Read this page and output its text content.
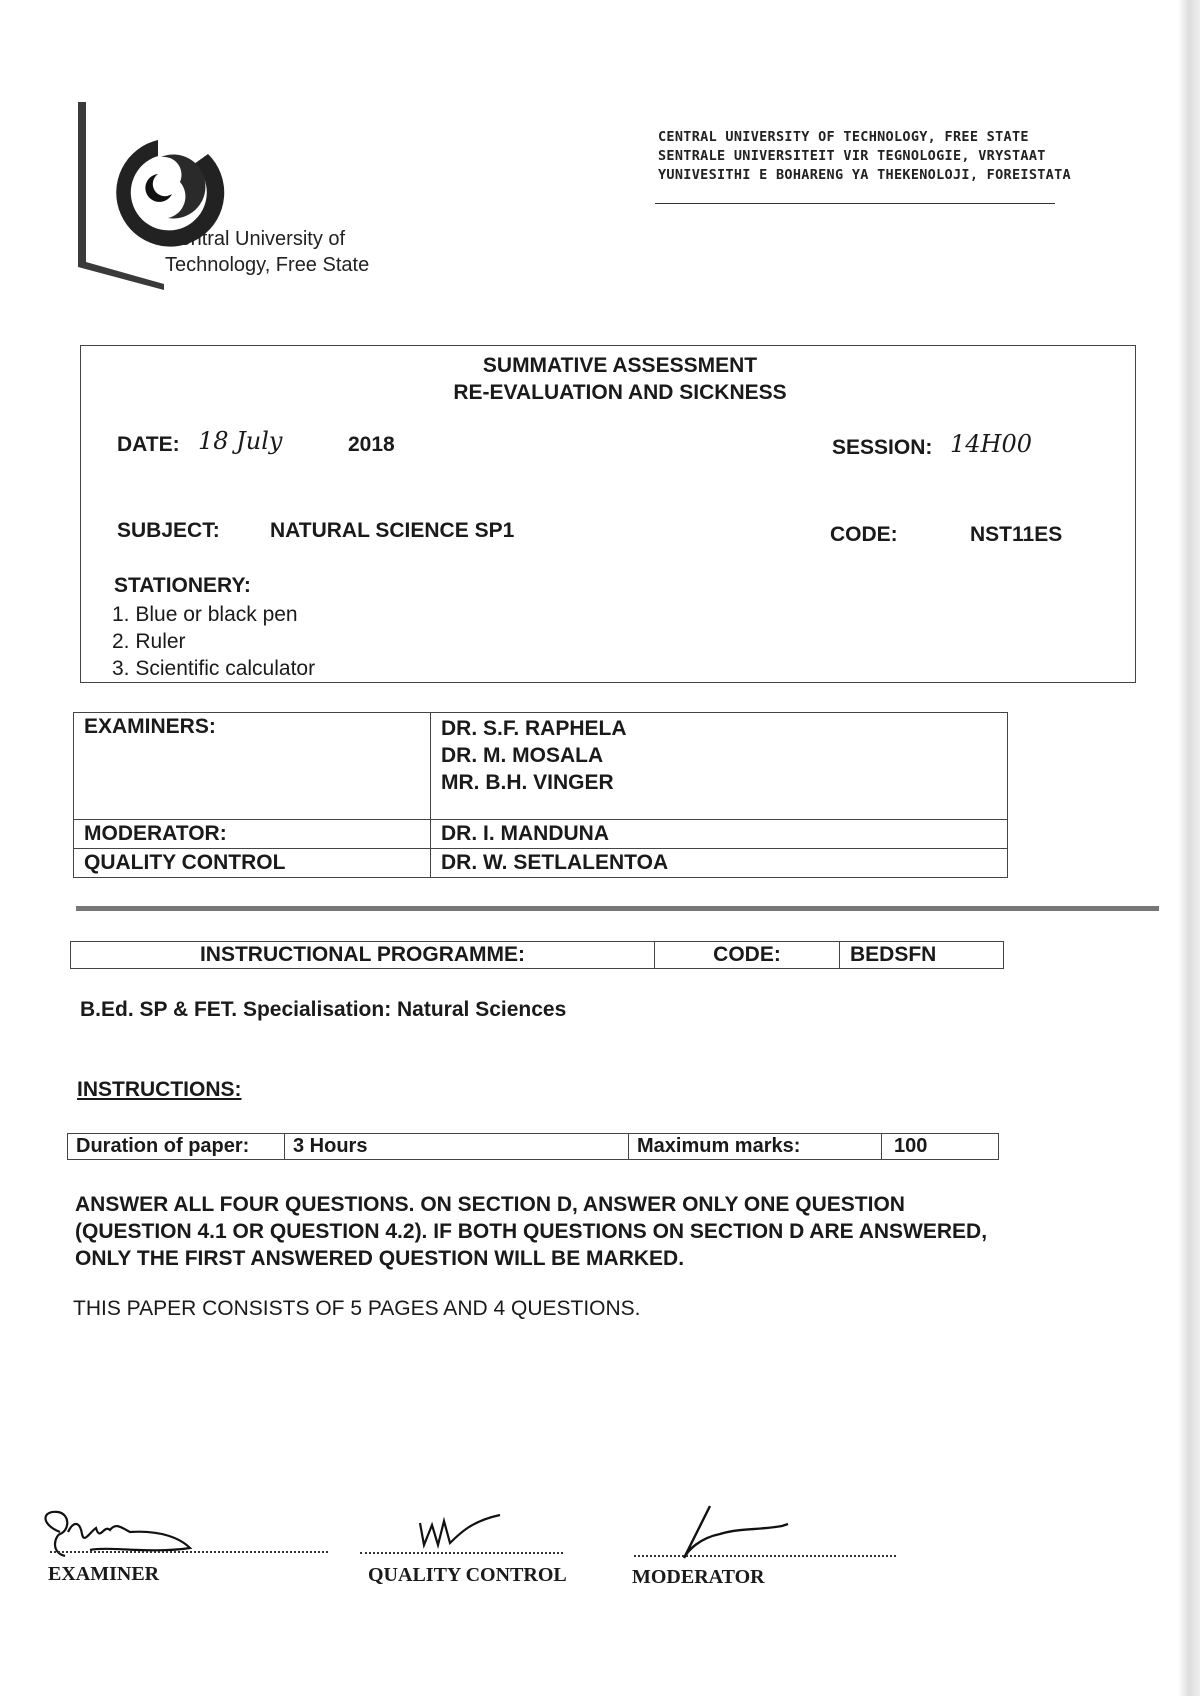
Central University of
Technology, Free State
CENTRAL UNIVERSITY OF TECHNOLOGY, FREE STATE
SENTRALE UNIVERSITEIT VIR TEGNOLOGIE, VRYSTAAT
YUNIVESITHI E BOHARENG YA THEKENOLOJI, FOREISTATA
SUMMATIVE ASSESSMENT
RE-EVALUATION AND SICKNESS
DATE: 18 July	2018	SESSION: 14H00
SUBJECT: NATURAL SCIENCE SP1	CODE:	NST11ES
STATIONERY:
1. Blue or black pen
2. Ruler
3. Scientific calculator
EXAMINERS:	DR. S.F. RAPHELA
DR. M. MOSALA
MR. B.H. VINGER

MODERATOR:	DR. I. MANDUNA
QUALITY CONTROL	DR. W. SETLALENTOA
INSTRUCTIONAL PROGRAMME:	CODE:	BEDSFN
B.Ed. SP & FET. Specialisation: Natural Sciences
INSTRUCTIONS:
Duration of paper:	3 Hours	Maximum marks:	100
ANSWER ALL FOUR QUESTIONS. ON SECTION D, ANSWER ONLY ONE QUESTION
(QUESTION 4.1 OR QUESTION 4.2). IF BOTH QUESTIONS ON SECTION D ARE ANSWERED,
ONLY THE FIRST ANSWERED QUESTION WILL BE MARKED.
THIS PAPER CONSISTS OF 5 PAGES AND 4 QUESTIONS.
EXAMINER	QUALITY CONTROL	MODERATOR
